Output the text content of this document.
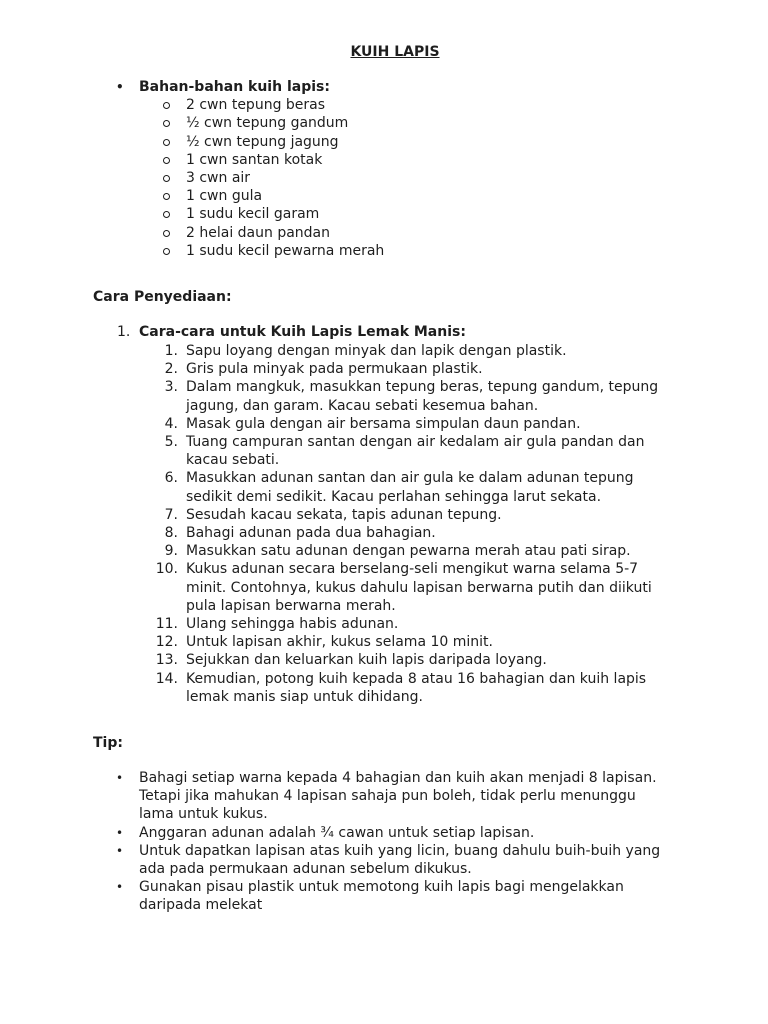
KUIH LAPIS
• Bahan-bahan kuih lapis:
2 cwn tepung beras
½ cwn tepung gandum
½ cwn tepung jagung
1 cwn santan kotak
3 cwn air
1 cwn gula
1 sudu kecil garam
2 helai daun pandan
1 sudu kecil pewarna merah
Cara Penyediaan:
1. Cara-cara untuk Kuih Lapis Lemak Manis:
1. Sapu loyang dengan minyak dan lapik dengan plastik.
2. Gris pula minyak pada permukaan plastik.
3. Dalam mangkuk, masukkan tepung beras, tepung gandum, tepung jagung, dan garam. Kacau sebati kesemua bahan.
4. Masak gula dengan air bersama simpulan daun pandan.
5. Tuang campuran santan dengan air kedalam air gula pandan dan kacau sebati.
6. Masukkan adunan santan dan air gula ke dalam adunan tepung sedikit demi sedikit. Kacau perlahan sehingga larut sekata.
7. Sesudah kacau sekata, tapis adunan tepung.
8. Bahagi adunan pada dua bahagian.
9. Masukkan satu adunan dengan pewarna merah atau pati sirap.
10. Kukus adunan secara berselang-seli mengikut warna selama 5-7 minit. Contohnya, kukus dahulu lapisan berwarna putih dan diikuti pula lapisan berwarna merah.
11. Ulang sehingga habis adunan.
12. Untuk lapisan akhir, kukus selama 10 minit.
13. Sejukkan dan keluarkan kuih lapis daripada loyang.
14. Kemudian, potong kuih kepada 8 atau 16 bahagian dan kuih lapis lemak manis siap untuk dihidang.
Tip:
• Bahagi setiap warna kepada 4 bahagian dan kuih akan menjadi 8 lapisan. Tetapi jika mahukan 4 lapisan sahaja pun boleh, tidak perlu menunggu lama untuk kukus.
• Anggaran adunan adalah ¾ cawan untuk setiap lapisan.
• Untuk dapatkan lapisan atas kuih yang licin, buang dahulu buih-buih yang ada pada permukaan adunan sebelum dikukus.
• Gunakan pisau plastik untuk memotong kuih lapis bagi mengelakkan daripada melekat
